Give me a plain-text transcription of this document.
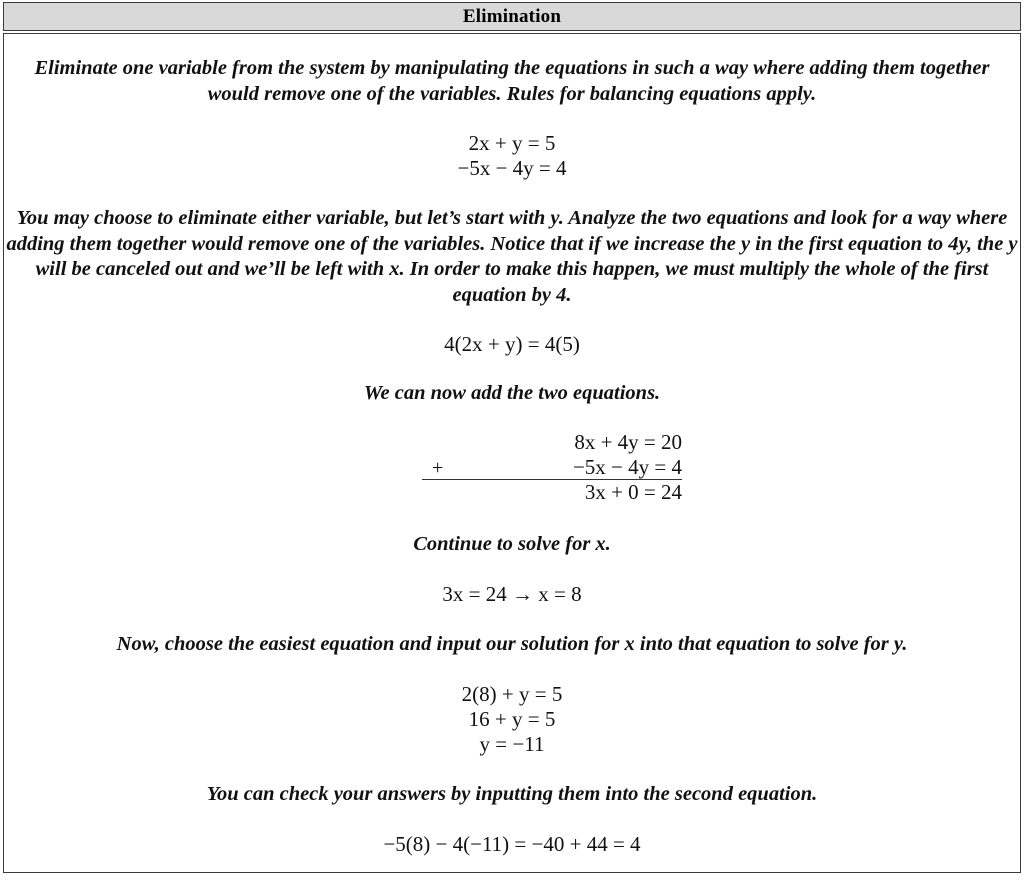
Elimination

Eliminate one variable from the system by manipulating the equations in such a way where adding them together would remove one of the variables. Rules for balancing equations apply.

2x + y = 5
−5x − 4y = 4

You may choose to eliminate either variable, but let’s start with y. Analyze the two equations and look for a way where adding them together would remove one of the variables. Notice that if we increase the y in the first equation to 4y, the y will be canceled out and we’ll be left with x. In order to make this happen, we must multiply the whole of the first equation by 4.

4(2x + y) = 4(5)

We can now add the two equations.

+
8x + 4y = 20
−5x − 4y = 4
3x + 0 = 24

Continue to solve for x.

3x = 24 → x = 8

Now, choose the easiest equation and input our solution for x into that equation to solve for y.

2(8) + y = 5
16 + y = 5
y = −11

You can check your answers by inputting them into the second equation.

−5(8) − 4(−11) = −40 + 44 = 4
